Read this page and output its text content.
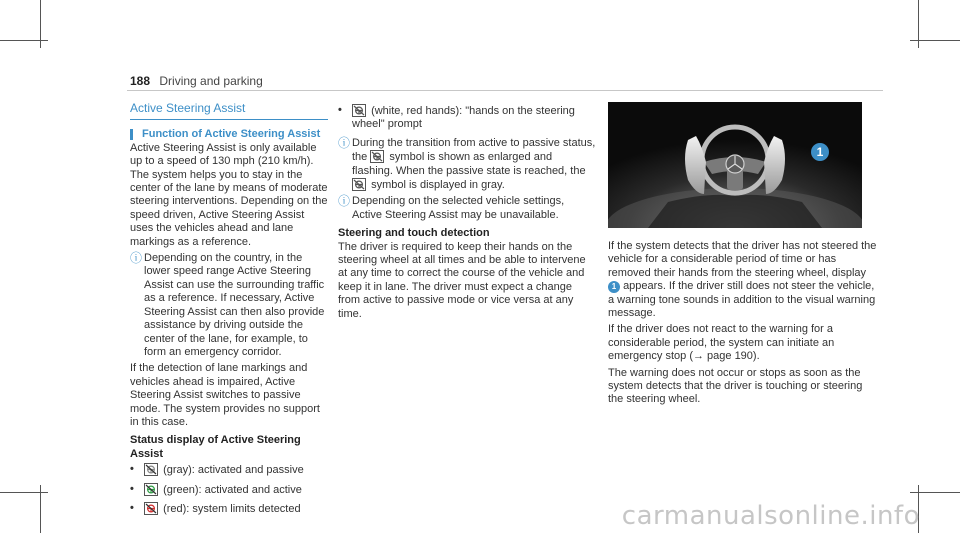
188 Driving and parking
Active Steering Assist
Function of Active Steering Assist

Active Steering Assist is only available up to a speed of 130 mph (210 km/h). The system helps you to stay in the center of the lane by means of moderate steering interventions. Depending on the speed driven, Active Steering Assist uses the vehicles ahead and lane markings as a reference.

ⓘ Depending on the country, in the lower speed range Active Steering Assist can use the surrounding traffic as a reference. If necessary, Active Steering Assist can then also provide assistance by driving outside the center of the lane, for example, to form an emergency corridor.

If the detection of lane markings and vehicles ahead is impaired, Active Steering Assist switches to passive mode. The system provides no support in this case.

Status display of Active Steering Assist
•	(gray): activated and passive
•	(green): activated and active
•	(red): system limits detected
•	(white, red hands): "hands on the steering wheel" prompt
ⓘ During the transition from active to passive status, the symbol is shown as enlarged and flashing. When the passive state is reached, the
symbol is displayed in gray.
ⓘ Depending on the selected vehicle settings, Active Steering Assist may be unavailable.
Steering and touch detection

The driver is required to keep their hands on the steering wheel at all times and be able to intervene at any time to correct the course of the vehicle and keep it in lane. The driver must expect a change from active to passive mode or vice versa at any time.

1

If the system detects that the driver has not steered the vehicle for a considerable period of time or has removed their hands from the steering wheel, display 1 appears. If the driver still does not steer the vehicle, a warning tone sounds in addition to the visual warning message.

If the driver does not react to the warning for a considerable period, the system can initiate an emergency stop (→ page 190).

The warning does not occur or stops as soon as the system detects that the driver is touching or steering the steering wheel.

carmanualsonline.info
